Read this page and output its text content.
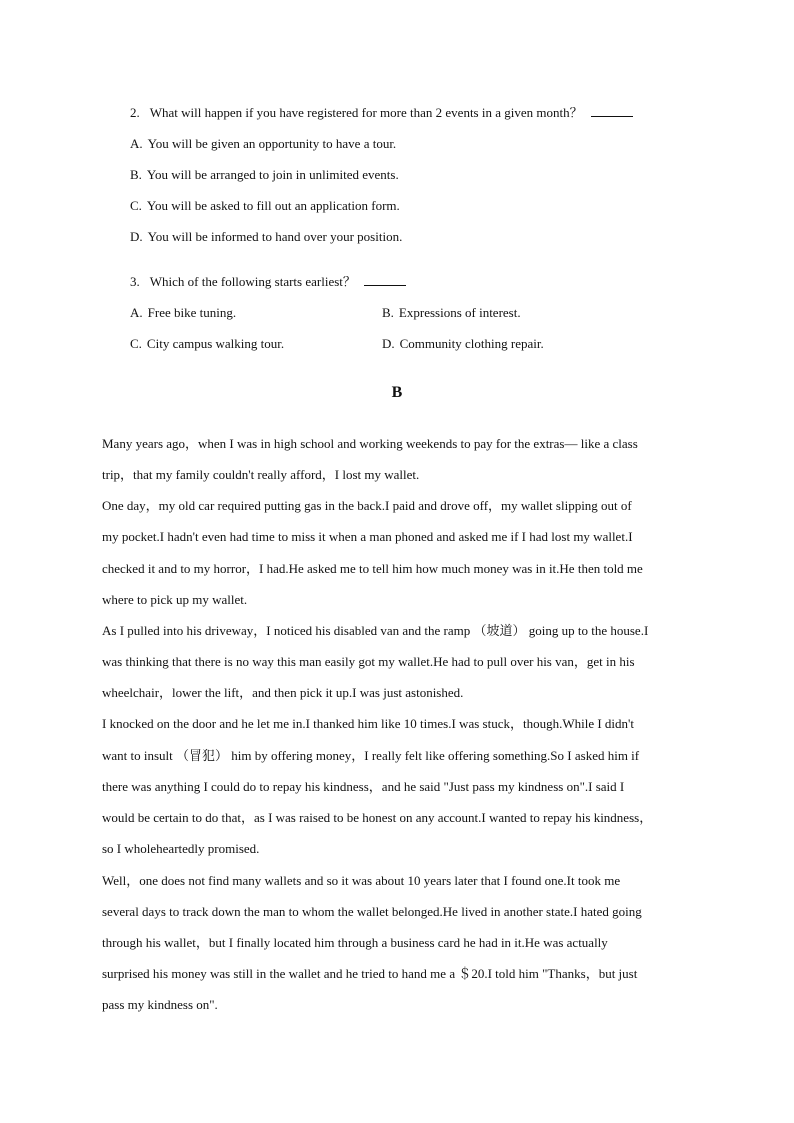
2. What will happen if you have registered for more than 2 events in a given month？
A. You will be given an opportunity to have a tour.
B. You will be arranged to join in unlimited events.
C. You will be asked to fill out an application form.
D. You will be informed to hand over your position.
3. Which of the following starts earliest？
A. Free bike tuning.	B. Expressions of interest.
C. City campus walking tour.	D. Community clothing repair.
B
Many years ago，when I was in high school and working weekends to pay for the extras— like a class
trip，that my family couldn't really afford，I lost my wallet.
One day，my old car required putting gas in the back.I paid and drove off，my wallet slipping out of
my pocket.I hadn't even had time to miss it when a man phoned and asked me if I had lost my wallet.I
checked it and to my horror，I had.He asked me to tell him how much money was in it.He then told me
where to pick up my wallet.
As I pulled into his driveway，I noticed his disabled van and the ramp （坡道） going up to the house.I
was thinking that there is no way this man easily got my wallet.He had to pull over his van，get in his
wheelchair，lower the lift，and then pick it up.I was just astonished.
I knocked on the door and he let me in.I thanked him like 10 times.I was stuck，though.While I didn't
want to insult （冒犯） him by offering money，I really felt like offering something.So I asked him if
there was anything I could do to repay his kindness，and he said "Just pass my kindness on".I said I
would be certain to do that，as I was raised to be honest on any account.I wanted to repay his kindness，
so I wholeheartedly promised.
Well，one does not find many wallets and so it was about 10 years later that I found one.It took me
several days to track down the man to whom the wallet belonged.He lived in another state.I hated going
through his wallet，but I finally located him through a business card he had in it.He was actually
surprised his money was still in the wallet and he tried to hand me a ＄20.I told him "Thanks，but just
pass my kindness on".
